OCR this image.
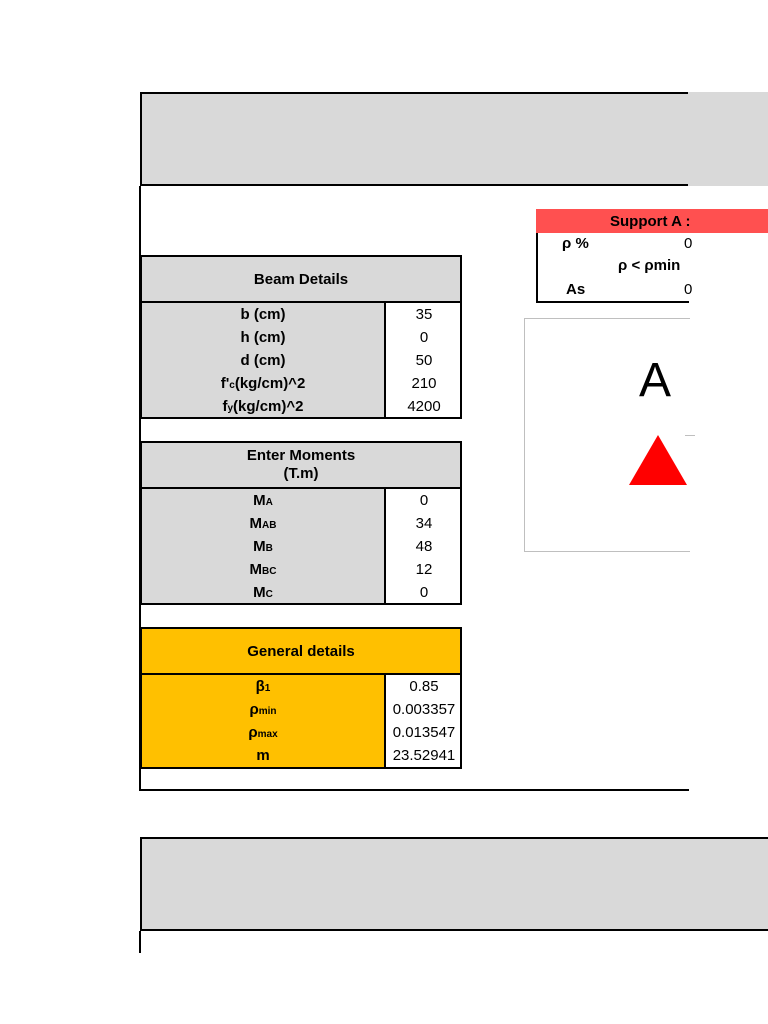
Beam Details
b (cm)
h (cm)
d (cm)
$f'_c$ (kg/cm )^2
$f_y$ (kg/cm )^2
35
0
50
210
4200
Enter Moments
(T.m)
$M_A$
$M_{AB}$
$M_B$
$M_{BC}$
$M_C$
0
34
48
12
0
General details
$\beta_1$
$\rho_{min}$
$\rho_{max}$
m
0.85
0.003357
0.013547
23.52941
Support A :
ρ %	0
ρ < ρmin
As	0
A
